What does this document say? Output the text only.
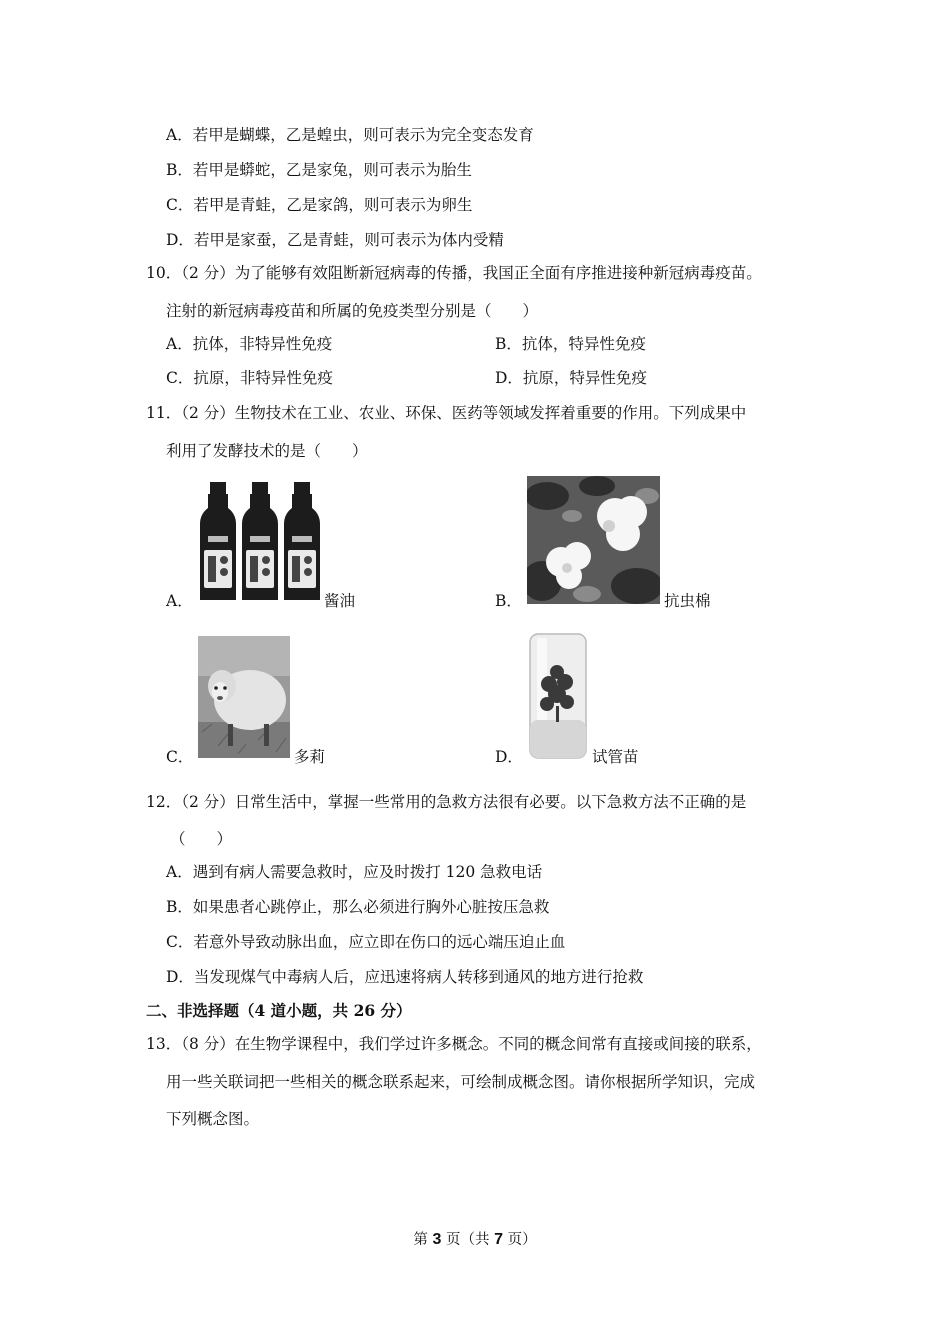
A．若甲是蝴蝶，乙是蝗虫，则可表示为完全变态发育
B．若甲是蟒蛇，乙是家兔，则可表示为胎生
C．若甲是青蛙，乙是家鸽，则可表示为卵生
D．若甲是家蚕，乙是青蛙，则可表示为体内受精
10．（2 分）为了能够有效阻断新冠病毒的传播，我国正全面有序推进接种新冠病毒疫苗。
注射的新冠病毒疫苗和所属的免疫类型分别是（　　）
A．抗体，非特异性免疫	B．抗体，特异性免疫
C．抗原，非特异性免疫	D．抗原，特异性免疫
11．（2 分）生物技术在工业、农业、环保、医药等领域发挥着重要的作用。下列成果中
利用了发酵技术的是（　　）
A．	酱油	B．	抗虫棉
C．	多莉	D．	试管苗
12．（2 分）日常生活中，掌握一些常用的急救方法很有必要。以下急救方法不正确的是
（　　）
A．遇到有病人需要急救时，应及时拨打 120 急救电话
B．如果患者心跳停止，那么必须进行胸外心脏按压急救
C．若意外导致动脉出血，应立即在伤口的远心端压迫止血
D．当发现煤气中毒病人后，应迅速将病人转移到通风的地方进行抢救
二、非选择题（4 道小题，共 26 分）
13．（8 分）在生物学课程中，我们学过许多概念。不同的概念间常有直接或间接的联系，
用一些关联词把一些相关的概念联系起来，可绘制成概念图。请你根据所学知识，完成
下列概念图。
第 3 页（共 7 页）
